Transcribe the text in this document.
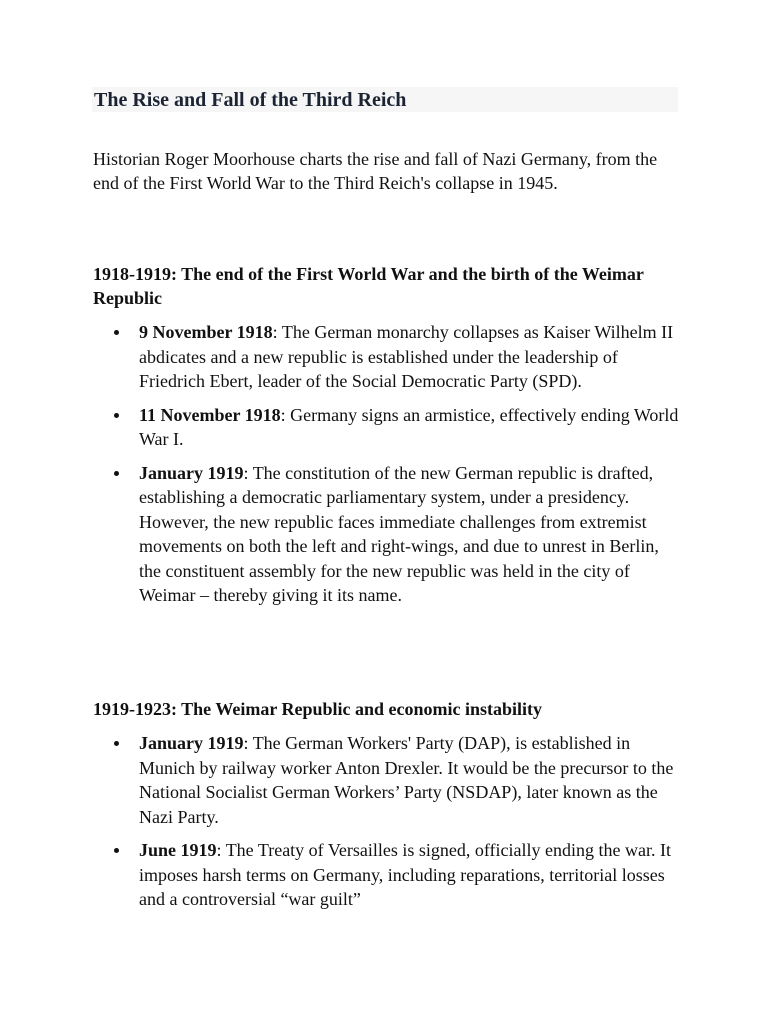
The Rise and Fall of the Third Reich

Historian Roger Moorhouse charts the rise and fall of Nazi Germany, from the end of the First World War to the Third Reich's collapse in 1945.

1918-1919: The end of the First World War and the birth of the Weimar Republic
9 November 1918: The German monarchy collapses as Kaiser Wilhelm II abdicates and a new republic is established under the leadership of Friedrich Ebert, leader of the Social Democratic Party (SPD).
11 November 1918: Germany signs an armistice, effectively ending World War I.
January 1919: The constitution of the new German republic is drafted, establishing a democratic parliamentary system, under a presidency. However, the new republic faces immediate challenges from extremist movements on both the left and right-wings, and due to unrest in Berlin, the constituent assembly for the new republic was held in the city of Weimar – thereby giving it its name.
1919-1923: The Weimar Republic and economic instability
January 1919: The German Workers' Party (DAP), is established in Munich by railway worker Anton Drexler. It would be the precursor to the National Socialist German Workers’ Party (NSDAP), later known as the Nazi Party.
June 1919: The Treaty of Versailles is signed, officially ending the war. It imposes harsh terms on Germany, including reparations, territorial losses and a controversial “war guilt”
